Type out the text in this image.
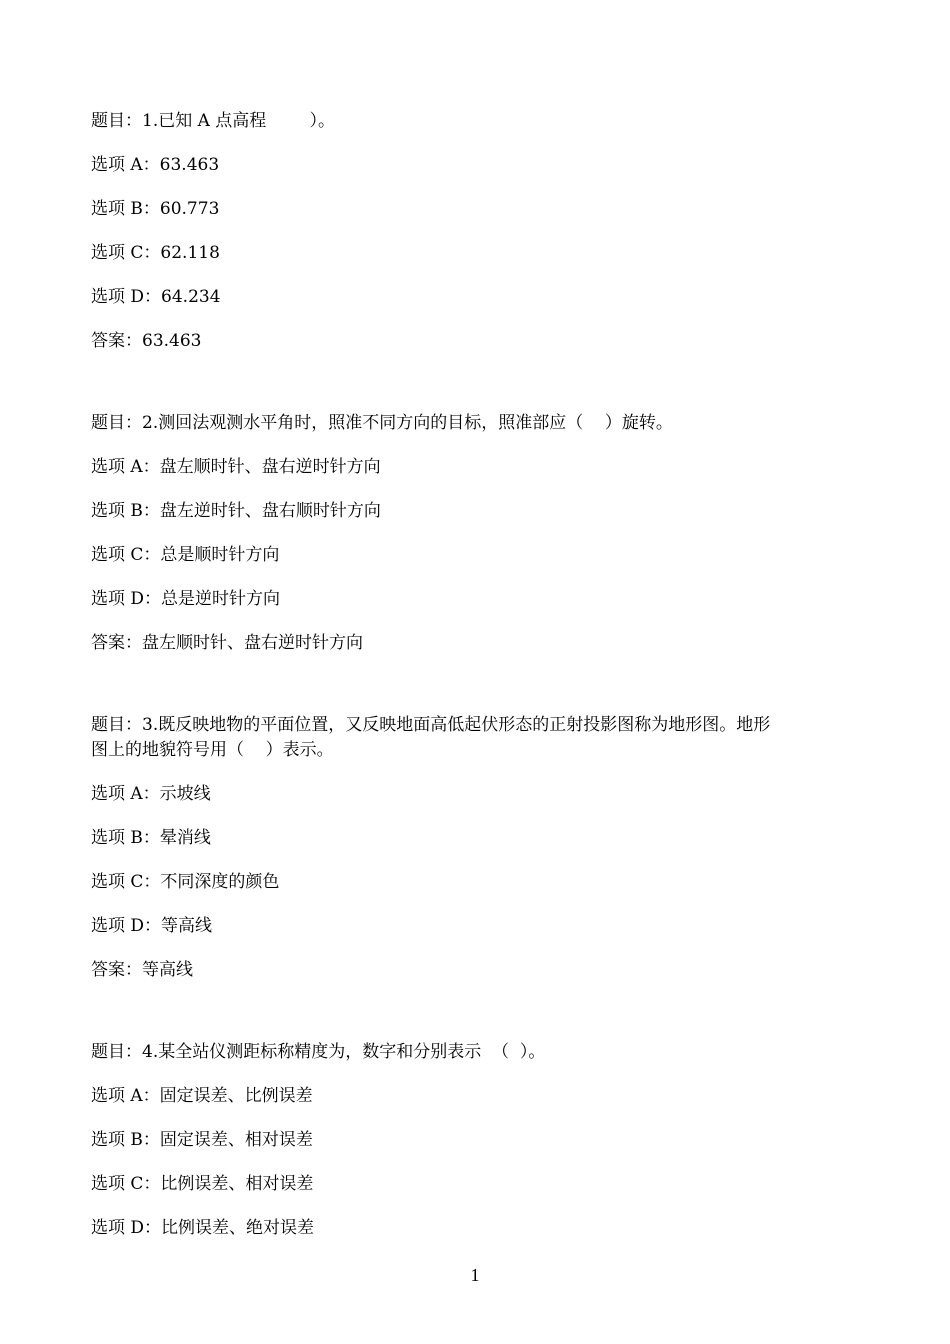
题目：1.已知 A 点高程        ）。
选项 A：63.463
选项 B：60.773
选项 C：62.118
选项 D：64.234
答案：63.463
题目：2.测回法观测水平角时，照准不同方向的目标，照准部应（    ）旋转。
选项 A：盘左顺时针、盘右逆时针方向
选项 B：盘左逆时针、盘右顺时针方向
选项 C：总是顺时针方向
选项 D：总是逆时针方向
答案：盘左顺时针、盘右逆时针方向
题目：3.既反映地物的平面位置，又反映地面高低起伏形态的正射投影图称为地形图。地形
图上的地貌符号用（    ）表示。
选项 A：示坡线
选项 B：晕消线
选项 C：不同深度的颜色
选项 D：等高线
答案：等高线
题目：4.某全站仪测距标称精度为，数字和分别表示  （  ）。
选项 A：固定误差、比例误差
选项 B：固定误差、相对误差
选项 C：比例误差、相对误差
选项 D：比例误差、绝对误差
1
